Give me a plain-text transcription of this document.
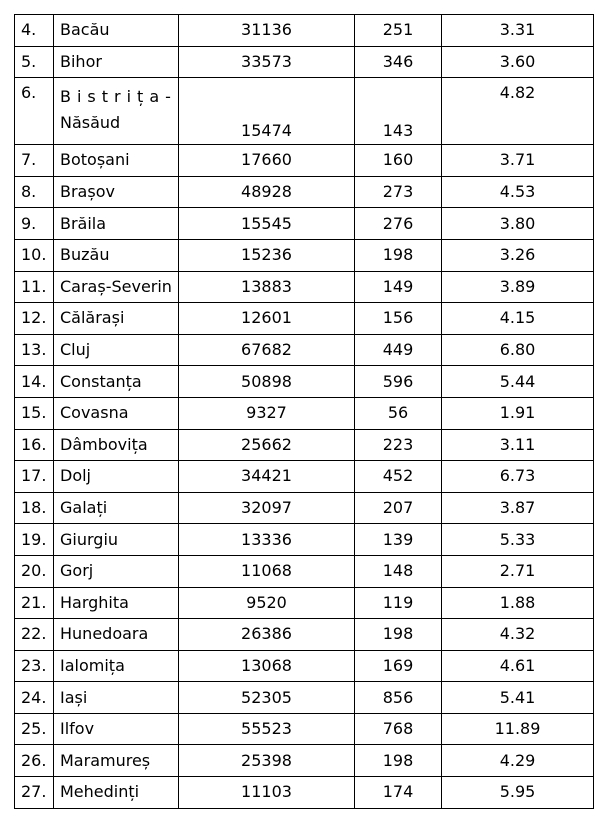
4.	Bacău	31136	251	3.31
5.	Bihor	33573	346	3.60
6.	Bistrița-
Năsăud	15474	143	4.82
7.	Botoșani	17660	160	3.71
8.	Brașov	48928	273	4.53
9.	Brăila	15545	276	3.80
10.	Buzău	15236	198	3.26
11.	Caraș-Severin	13883	149	3.89
12.	Călărași	12601	156	4.15
13.	Cluj	67682	449	6.80
14.	Constanța	50898	596	5.44
15.	Covasna	9327	56	1.91
16.	Dâmbovița	25662	223	3.11
17.	Dolj	34421	452	6.73
18.	Galați	32097	207	3.87
19.	Giurgiu	13336	139	5.33
20.	Gorj	11068	148	2.71
21.	Harghita	9520	119	1.88
22.	Hunedoara	26386	198	4.32
23.	Ialomița	13068	169	4.61
24.	Iași	52305	856	5.41
25.	Ilfov	55523	768	11.89
26.	Maramureș	25398	198	4.29
27.	Mehedinți	11103	174	5.95
